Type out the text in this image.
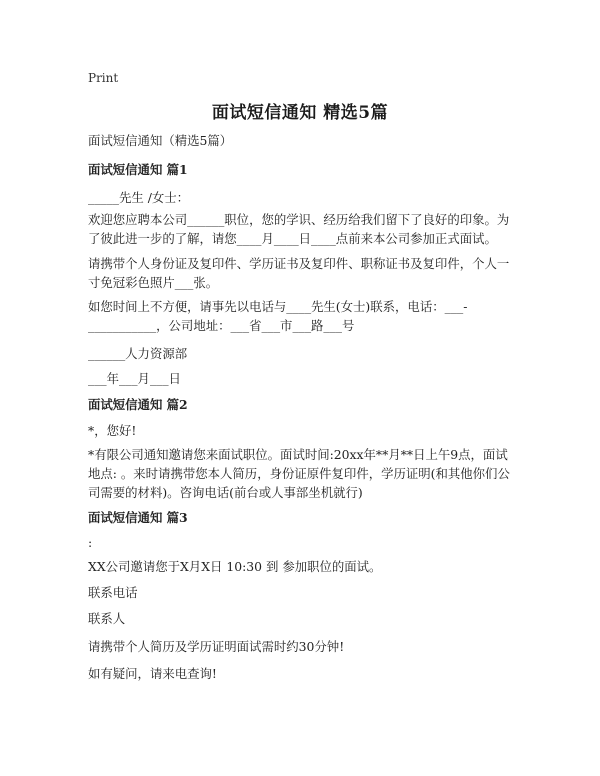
Print
面试短信通知 精选5篇
面试短信通知（精选5篇）
面试短信通知 篇1
_____先生 /女士：
欢迎您应聘本公司______职位，您的学识、经历给我们留下了良好的印象。为了彼此进一步的了解，请您____月____日____点前来本公司参加正式面试。
请携带个人身份证及复印件、学历证书及复印件、职称证书及复印件，个人一寸免冠彩色照片___张。
如您时间上不方便，请事先以电话与____先生(女士)联系，电话：___-___________，公司地址：___省___市___路___号
______人力资源部
___年___月___日
面试短信通知 篇2
*，您好!
*有限公司通知邀请您来面试职位。面试时间:20xx年**月**日上午9点，面试地点: 。来时请携带您本人简历，身份证原件复印件，学历证明(和其他你们公司需要的材料)。咨询电话(前台或人事部坐机就行)
面试短信通知 篇3
:
XX公司邀请您于X月X日 10:30 到 参加职位的面试。
联系电话
联系人
请携带个人简历及学历证明面试需时约30分钟!
如有疑问，请来电查询!
